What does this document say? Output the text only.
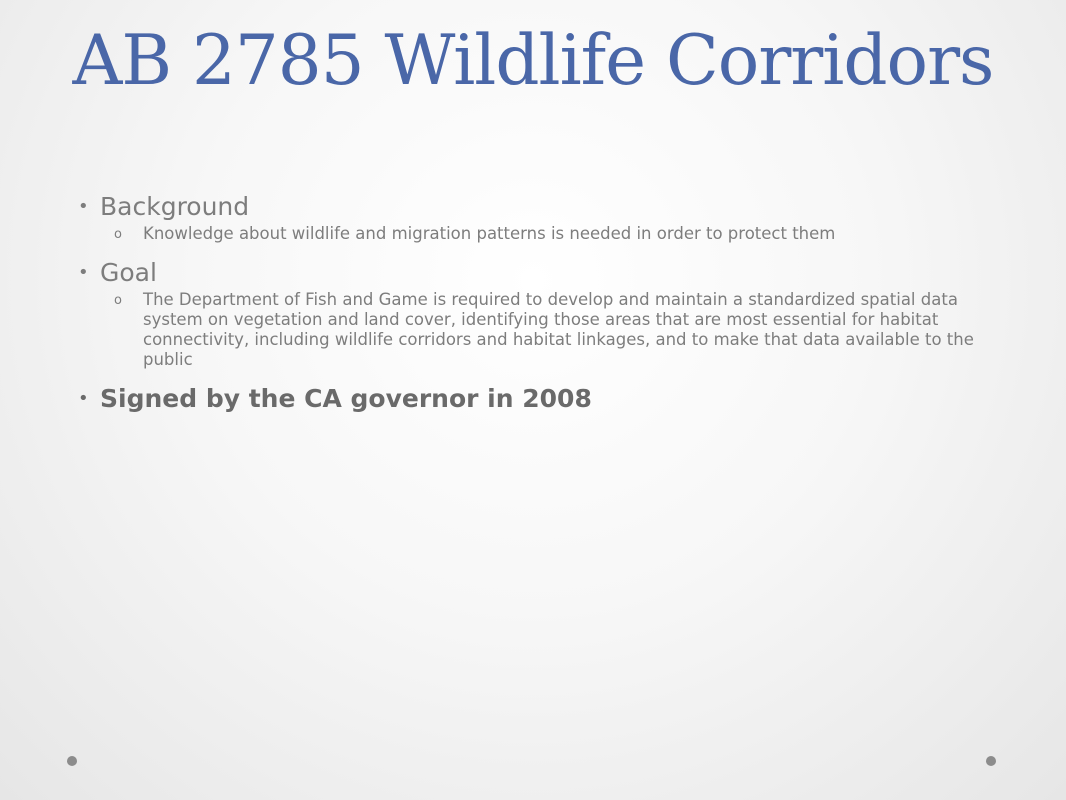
AB 2785 Wildlife Corridors

• Background

o Knowledge about wildlife and migration patterns is needed in order to protect them

• Goal

o The Department of Fish and Game is required to develop and maintain a standardized spatial data system on vegetation and land cover, identifying those areas that are most essential for habitat connectivity, including wildlife corridors and habitat linkages, and to make that data available to the public

• Signed by the CA governor in 2008
